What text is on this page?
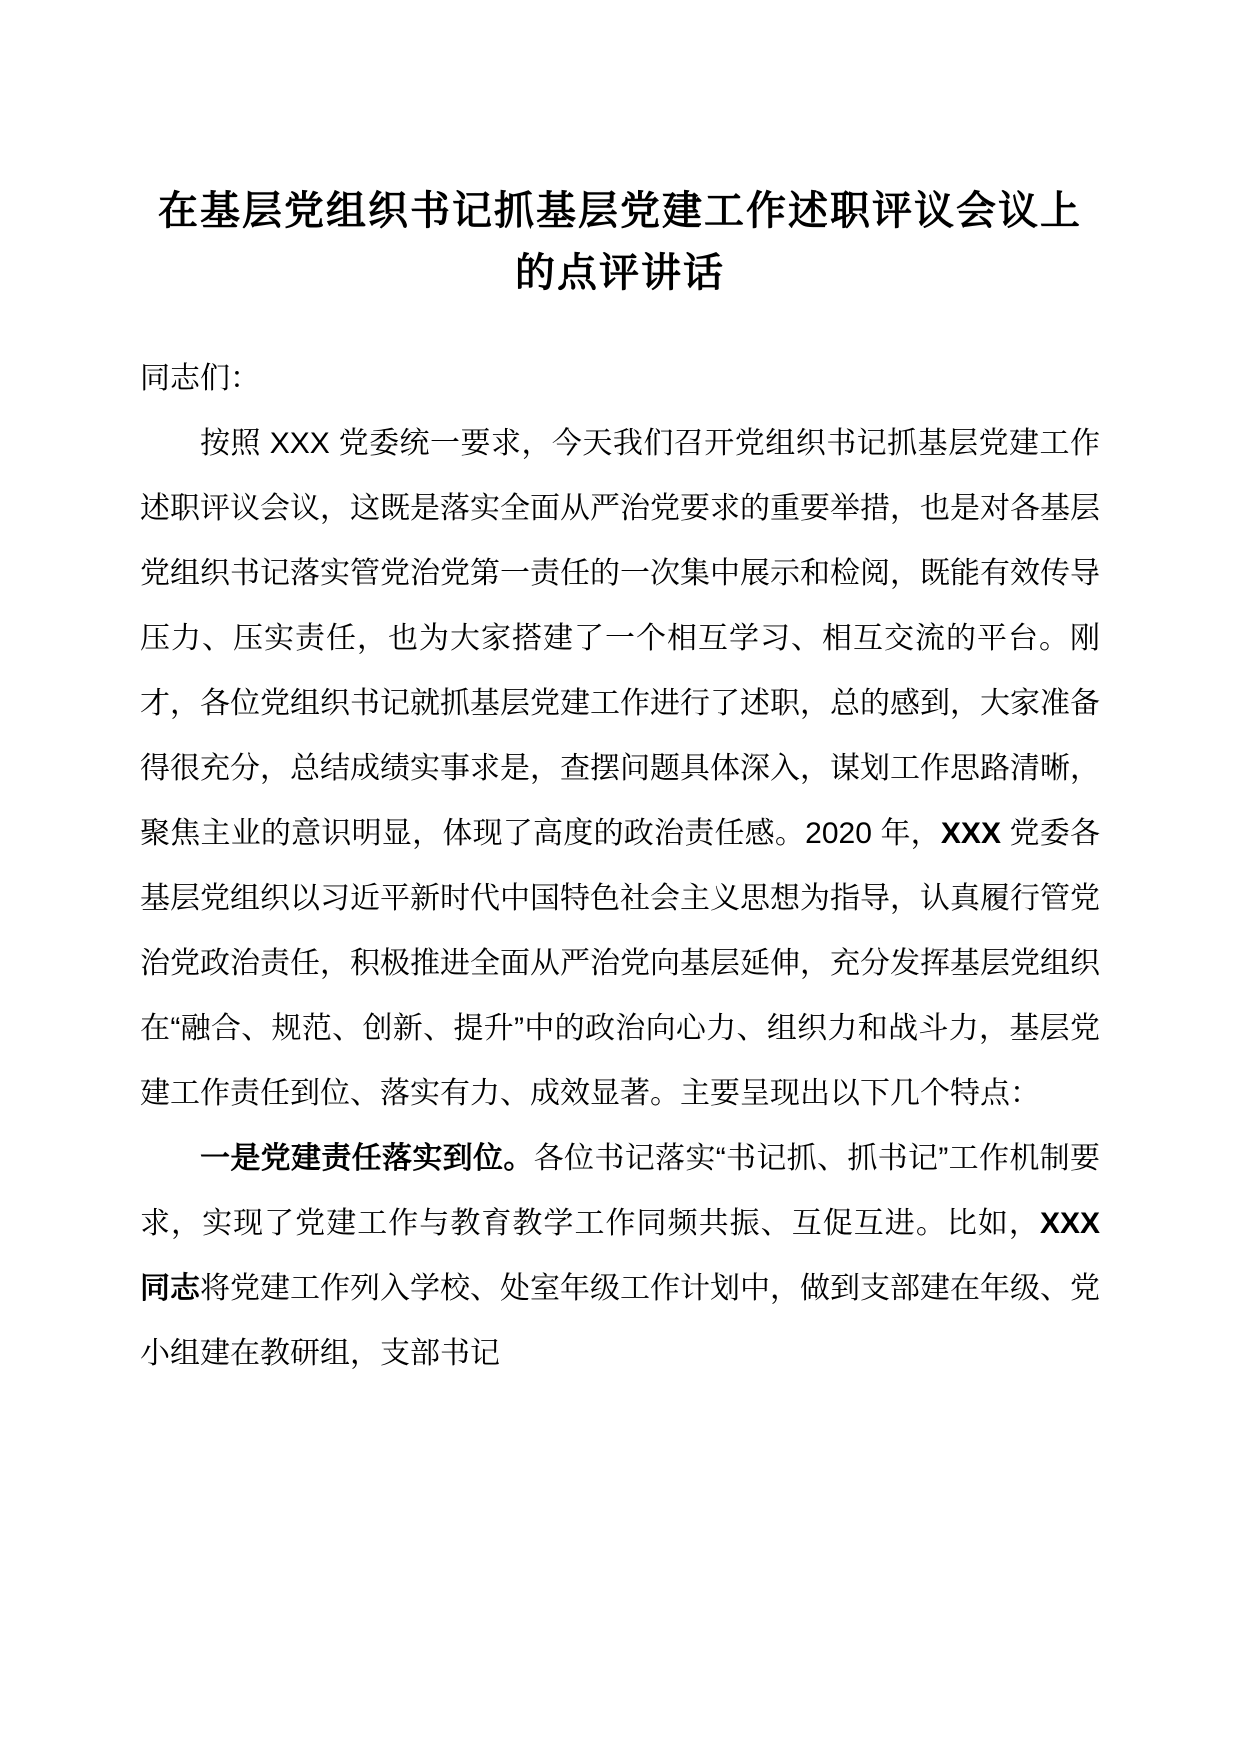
在基层党组织书记抓基层党建工作述职评议会议上的点评讲话

同志们：

按照 XXX 党委统一要求，今天我们召开党组织书记抓基层党建工作述职评议会议，这既是落实全面从严治党要求的重要举措，也是对各基层党组织书记落实管党治党第一责任的一次集中展示和检阅，既能有效传导压力、压实责任，也为大家搭建了一个相互学习、相互交流的平台。刚才，各位党组织书记就抓基层党建工作进行了述职，总的感到，大家准备得很充分，总结成绩实事求是，查摆问题具体深入，谋划工作思路清晰，聚焦主业的意识明显，体现了高度的政治责任感。2020 年，XXX 党委各基层党组织以习近平新时代中国特色社会主义思想为指导，认真履行管党治党政治责任，积极推进全面从严治党向基层延伸，充分发挥基层党组织在“融合、规范、创新、提升”中的政治向心力、组织力和战斗力，基层党建工作责任到位、落实有力、成效显著。主要呈现出以下几个特点：

一是党建责任落实到位。各位书记落实“书记抓、抓书记”工作机制要求，实现了党建工作与教育教学工作同频共振、互促互进。比如，XXX 同志将党建工作列入学校、处室年级工作计划中，做到支部建在年级、党小组建在教研组，支部书记
